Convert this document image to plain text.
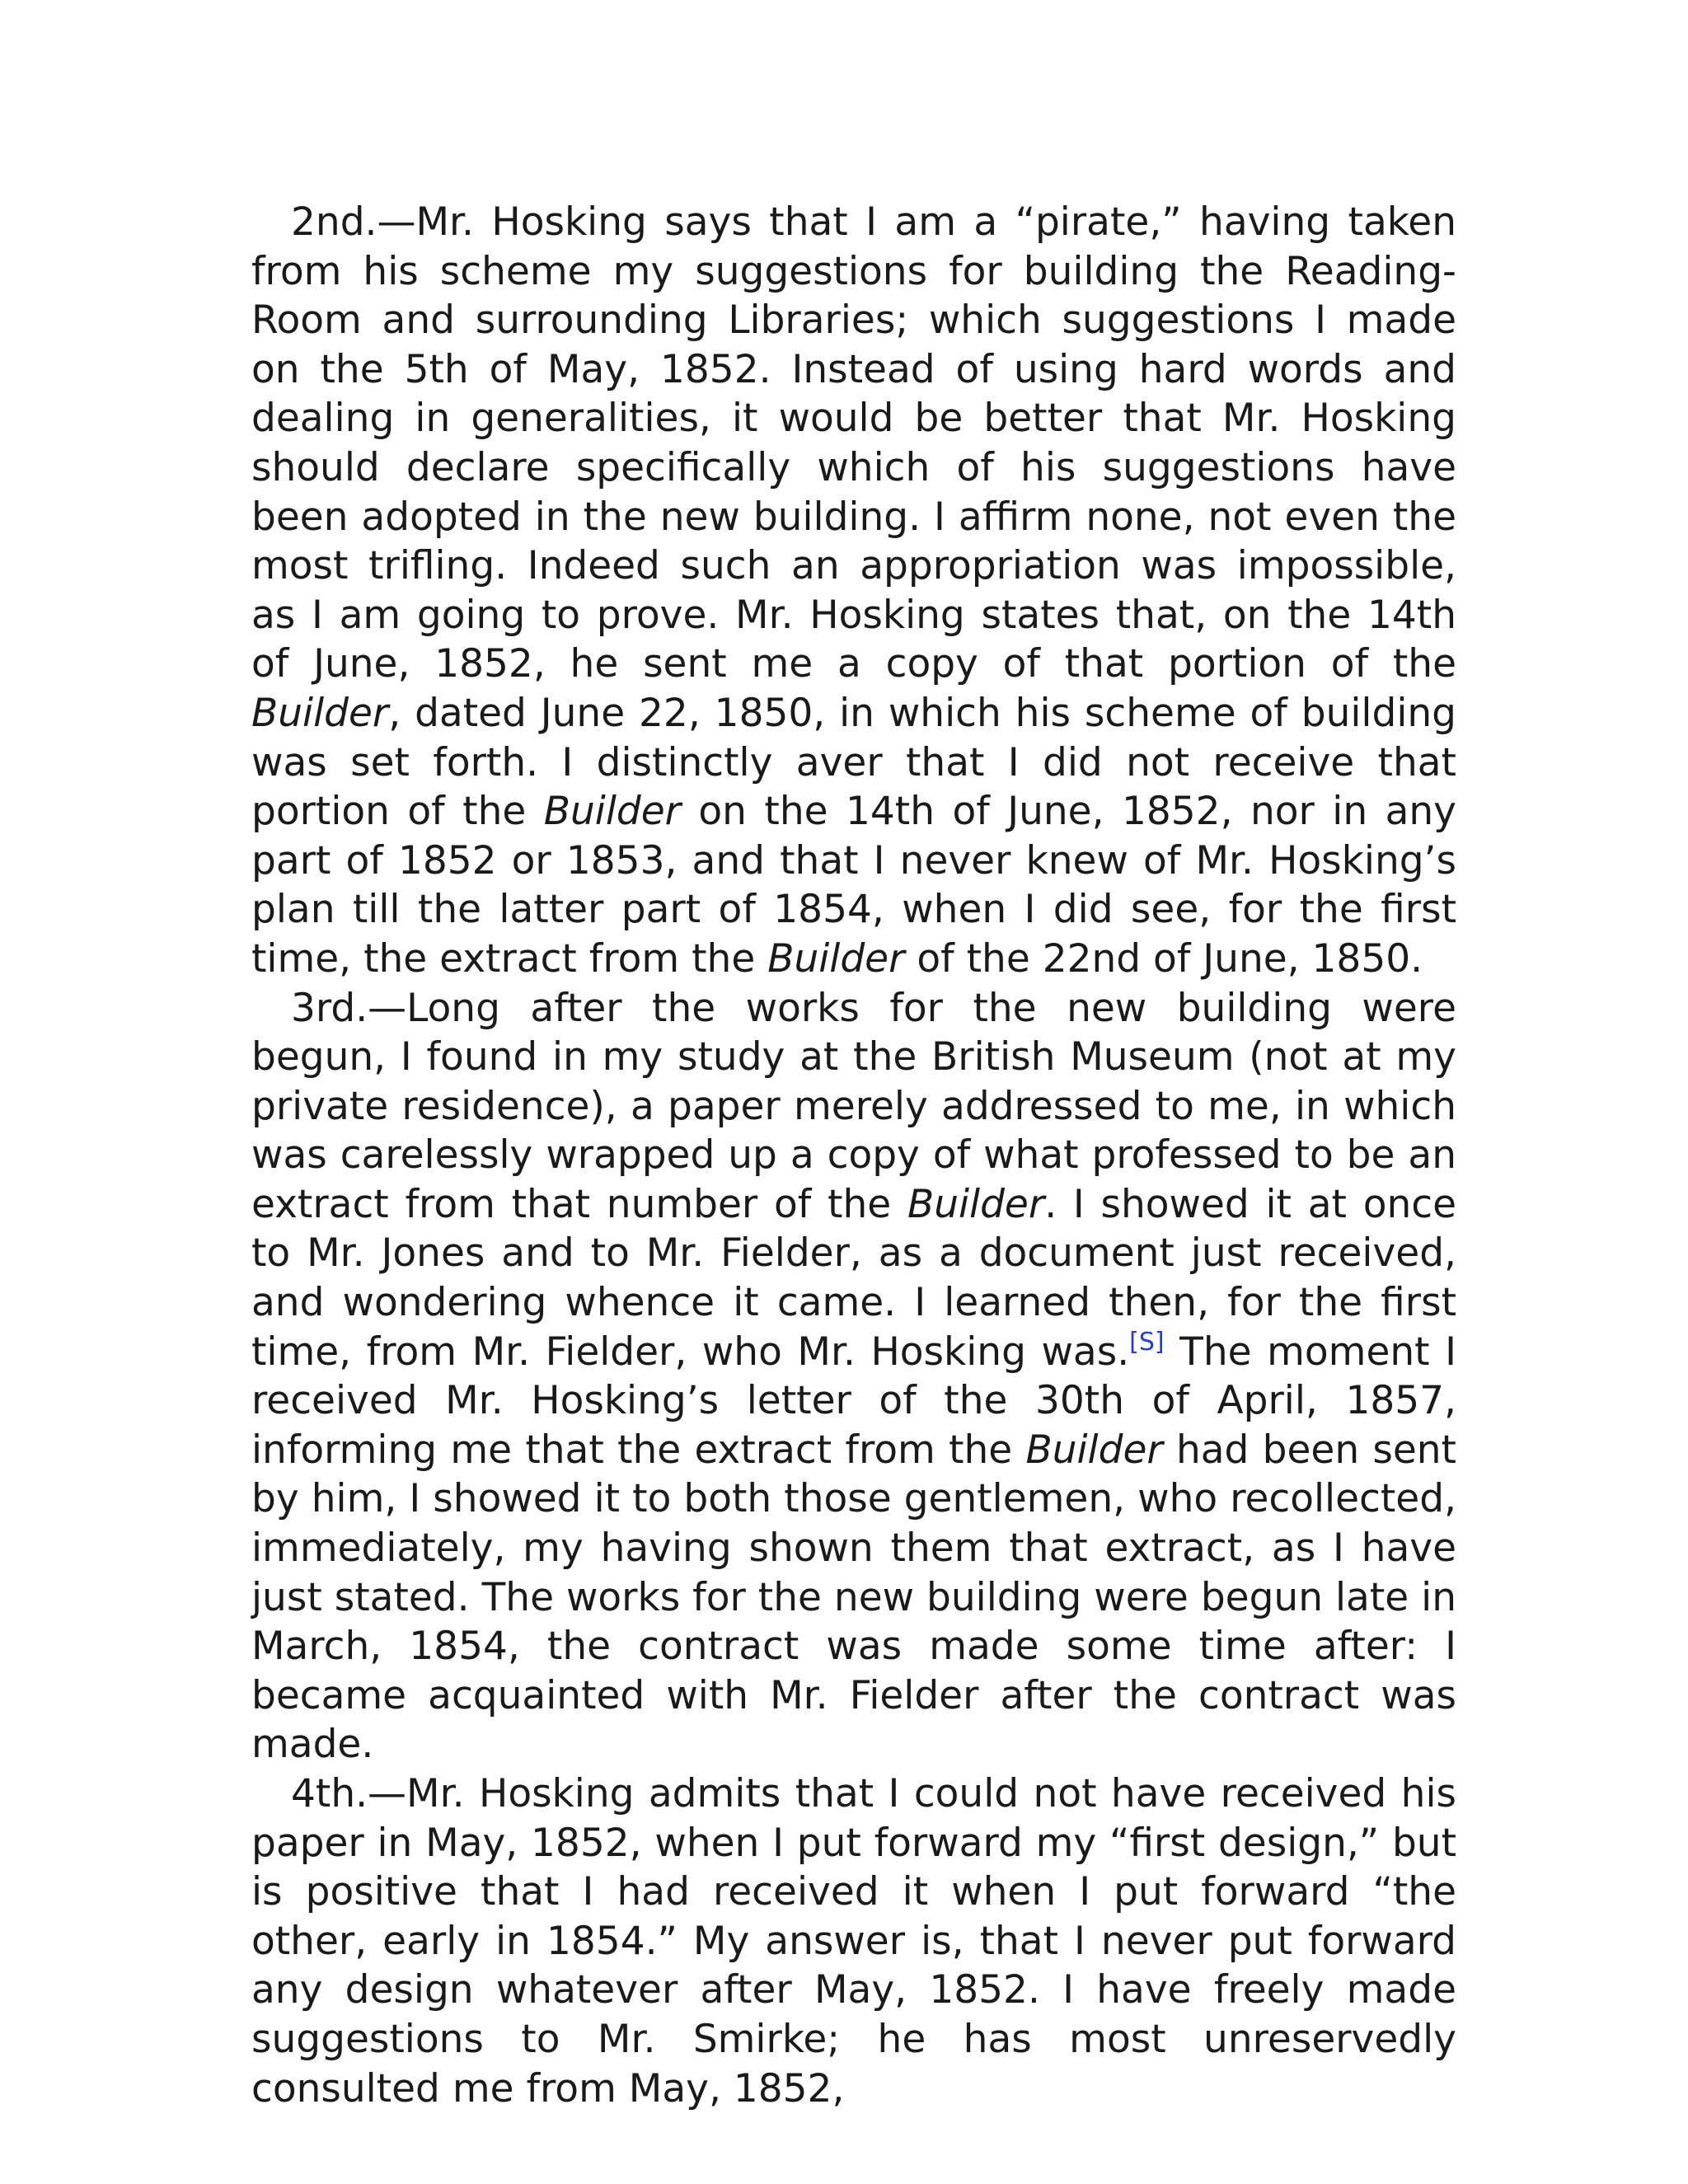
2nd.—Mr. Hosking says that I am a “pirate,” having taken from his scheme my suggestions for building the Reading-Room and surrounding Libraries; which suggestions I made on the 5th of May, 1852. Instead of using hard words and dealing in generalities, it would be better that Mr. Hosking should declare specifically which of his suggestions have been adopted in the new building. I affirm none, not even the most trifling. Indeed such an appropriation was impossible, as I am going to prove. Mr. Hosking states that, on the 14th of June, 1852, he sent me a copy of that portion of the Builder, dated June 22, 1850, in which his scheme of building was set forth. I distinctly aver that I did not receive that portion of the Builder on the 14th of June, 1852, nor in any part of 1852 or 1853, and that I never knew of Mr. Hosking’s plan till the latter part of 1854, when I did see, for the first time, the extract from the Builder of the 22nd of June, 1850.

3rd.—Long after the works for the new building were begun, I found in my study at the British Museum (not at my private residence), a paper merely addressed to me, in which was carelessly wrapped up a copy of what professed to be an extract from that number of the Builder. I showed it at once to Mr. Jones and to Mr. Fielder, as a document just received, and wondering whence it came. I learned then, for the first time, from Mr. Fielder, who Mr. Hosking was.[S] The moment I received Mr. Hosking’s letter of the 30th of April, 1857, informing me that the extract from the Builder had been sent by him, I showed it to both those gentlemen, who recollected, immediately, my having shown them that extract, as I have just stated. The works for the new building were begun late in March, 1854, the contract was made some time after: I became acquainted with Mr. Fielder after the contract was made.

4th.—Mr. Hosking admits that I could not have received his paper in May, 1852, when I put forward my “first design,” but is positive that I had received it when I put forward “the other, early in 1854.” My answer is, that I never put forward any design whatever after May, 1852. I have freely made suggestions to Mr. Smirke; he has most unreservedly consulted me from May, 1852,
